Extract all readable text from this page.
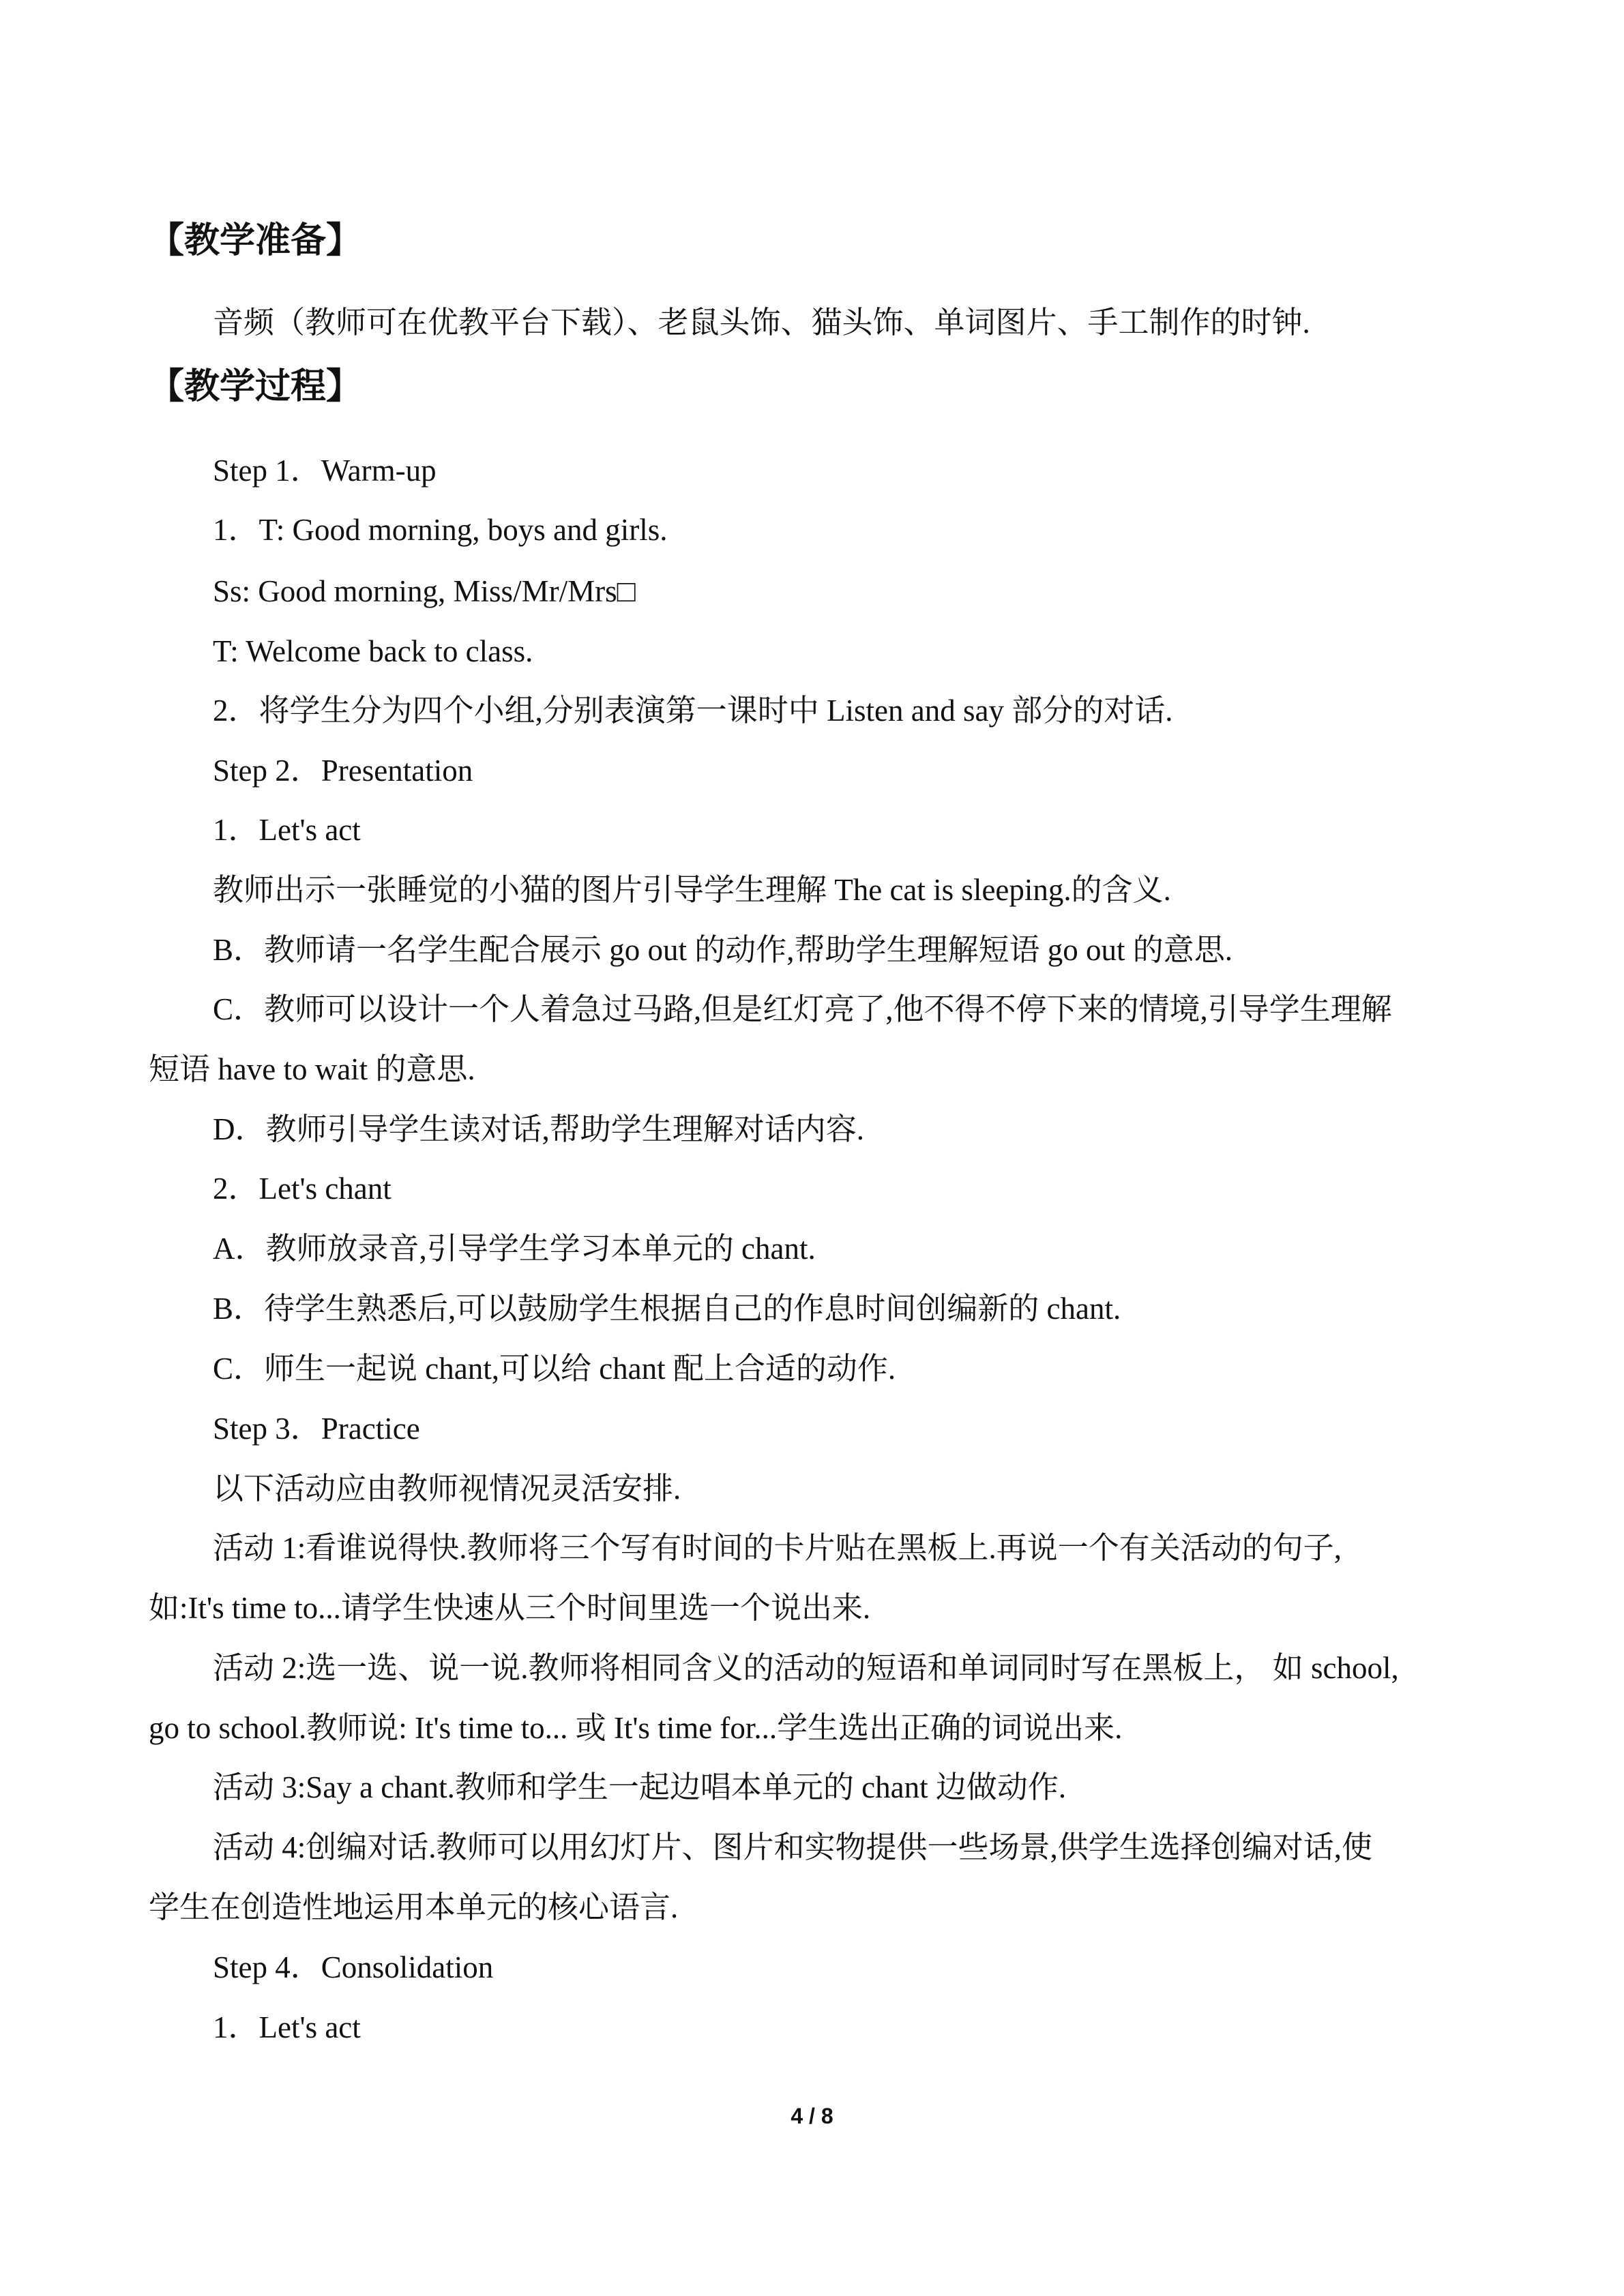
【教学准备】
音频（教师可在优教平台下载）、老鼠头饰、猫头饰、单词图片、手工制作的时钟.
【教学过程】
Step 1．Warm-up
1．T: Good morning, boys and girls.
Ss: Good morning, Miss/Mr/Mrs□
T: Welcome back to class.
2．将学生分为四个小组,分别表演第一课时中 Listen and say 部分的对话.
Step 2．Presentation
1．Let's act
教师出示一张睡觉的小猫的图片引导学生理解 The cat is sleeping.的含义.
B．教师请一名学生配合展示 go out 的动作,帮助学生理解短语 go out 的意思.
C．教师可以设计一个人着急过马路,但是红灯亮了,他不得不停下来的情境,引导学生理解
短语 have to wait 的意思.
D．教师引导学生读对话,帮助学生理解对话内容.
2．Let's chant
A．教师放录音,引导学生学习本单元的 chant.
B．待学生熟悉后,可以鼓励学生根据自己的作息时间创编新的 chant.
C．师生一起说 chant,可以给 chant 配上合适的动作.
Step 3．Practice
以下活动应由教师视情况灵活安排.
活动 1:看谁说得快.教师将三个写有时间的卡片贴在黑板上.再说一个有关活动的句子,
如:It's time to...请学生快速从三个时间里选一个说出来.
活动 2:选一选、说一说.教师将相同含义的活动的短语和单词同时写在黑板上， 如 school,
go to school.教师说: It's time to... 或 It's time for...学生选出正确的词说出来.
活动 3:Say a chant.教师和学生一起边唱本单元的 chant 边做动作.
活动 4:创编对话.教师可以用幻灯片、图片和实物提供一些场景,供学生选择创编对话,使
学生在创造性地运用本单元的核心语言.
Step 4．Consolidation
1．Let's act
4 / 8
